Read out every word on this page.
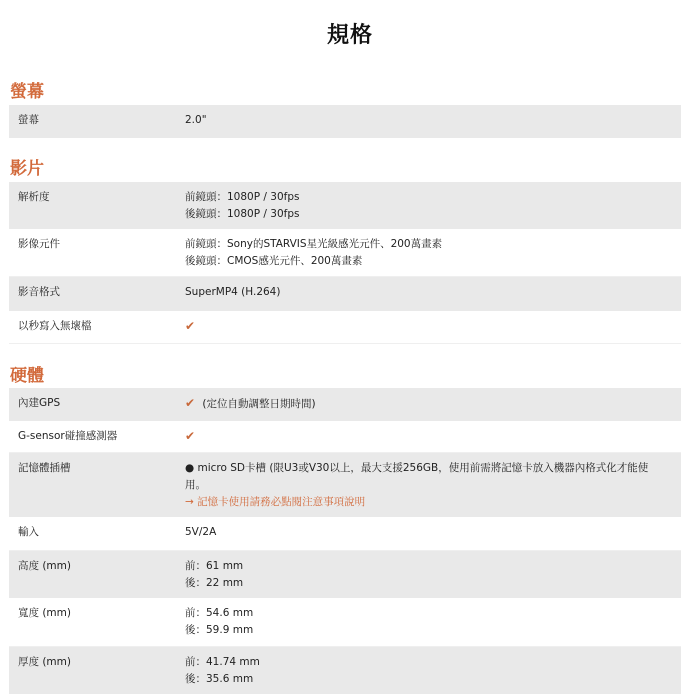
規格
螢幕
螢幕	2.0"
影片
解析度	前鏡頭：1080P / 30fps
後鏡頭：1080P / 30fps
影像元件	前鏡頭：Sony的STARVIS星光級感光元件、200萬畫素
後鏡頭：CMOS感光元件、200萬畫素
影音格式	SuperMP4 (H.264)
以秒寫入無壞檔	✔
硬體
內建GPS	✔ (定位自動調整日期時間)
G-sensor碰撞感測器	✔
記憶體插槽	● micro SD卡槽 (限U3或V30以上，最大支援256GB，使用前需將記憶卡放入機器內格式化才能使
用。
→ 記憶卡使用請務必點閱注意事項說明
輸入	5V/2A
高度 (mm)	前：61 mm
後：22 mm
寬度 (mm)	前：54.6 mm
後：59.9 mm
厚度 (mm)	前：41.74 mm
後：35.6 mm
